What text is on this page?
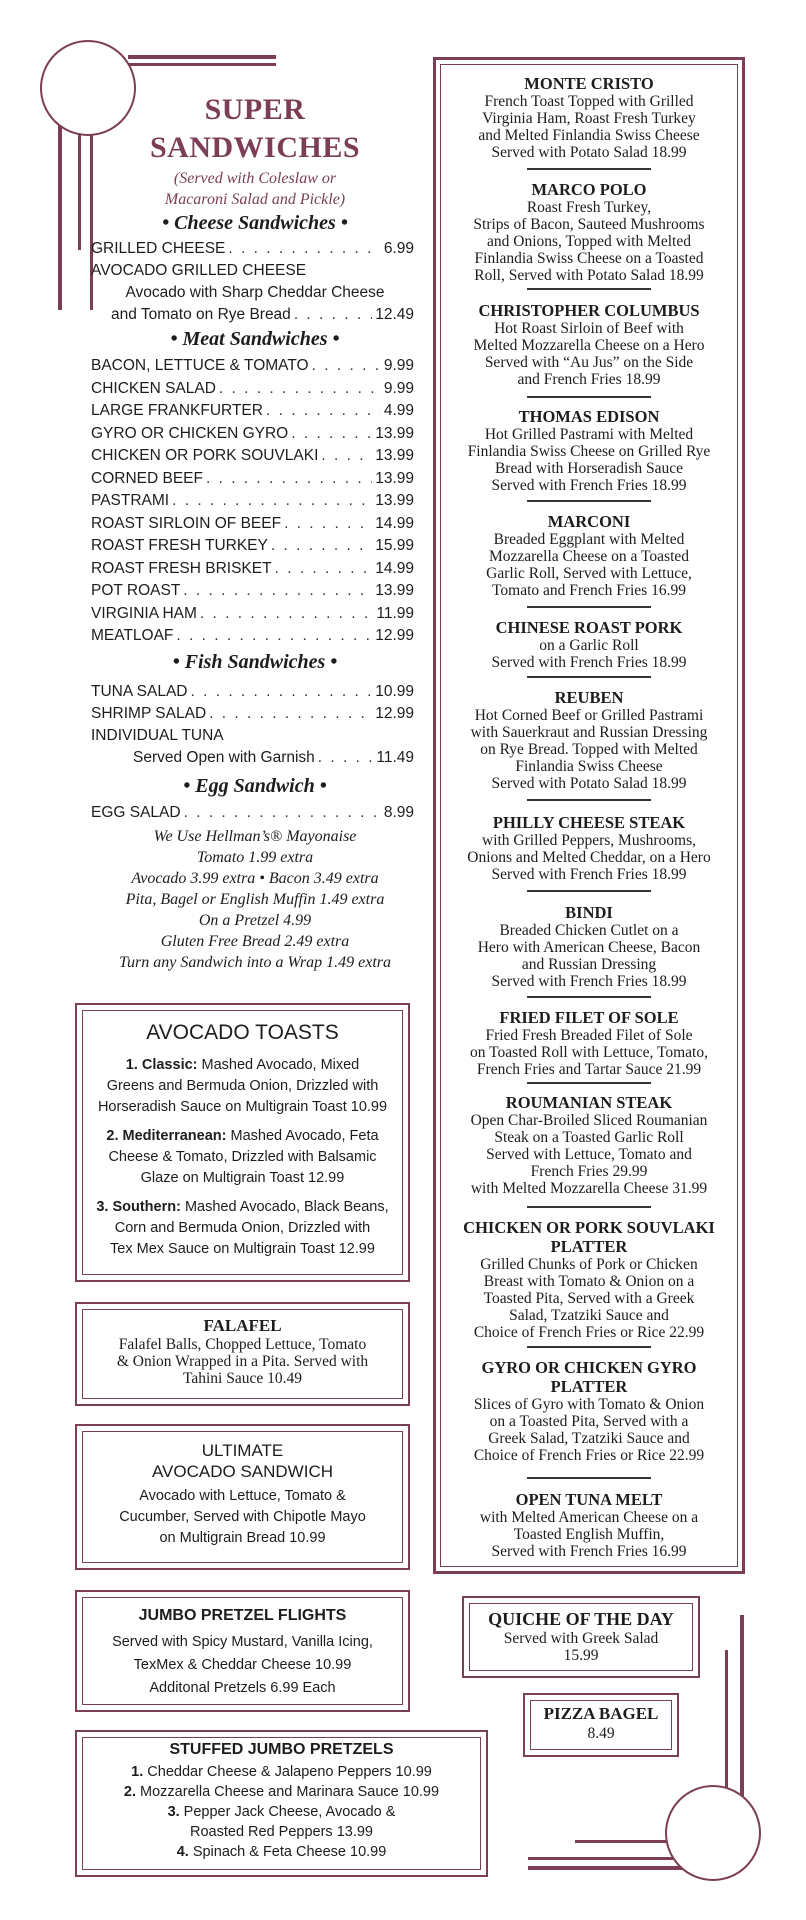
SUPER
SANDWICHES
(Served with Coleslaw or
Macaroni Salad and Pickle)
• Cheese Sandwiches •
GRILLED CHEESE . . .	6.99
AVOCADO GRILLED CHEESE
Avocado with Sharp Cheddar Cheese
and Tomato on Rye Bread . . .	12.49
• Meat Sandwiches •
BACON, LETTUCE & TOMATO . . .	9.99
CHICKEN SALAD . . .	9.99
LARGE FRANKFURTER . . .	4.99
GYRO OR CHICKEN GYRO . . .	13.99
CHICKEN OR PORK SOUVLAKI . . .	13.99
CORNED BEEF . . .	13.99
PASTRAMI . . .	13.99
ROAST SIRLOIN OF BEEF . . .	14.99
ROAST FRESH TURKEY . . .	15.99
ROAST FRESH BRISKET . . .	14.99
POT ROAST . . .	13.99
VIRGINIA HAM . . .	11.99
MEATLOAF . . .	12.99
• Fish Sandwiches •
TUNA SALAD . . .	10.99
SHRIMP SALAD . . .	12.99
INDIVIDUAL TUNA
Served Open with Garnish . . .	11.49
• Egg Sandwich •
EGG SALAD . . .	8.99
We Use Hellman’s® Mayonaise
Tomato 1.99 extra
Avocado 3.99 extra • Bacon 3.49 extra
Pita, Bagel or English Muffin 1.49 extra
On a Pretzel 4.99
Gluten Free Bread 2.49 extra
Turn any Sandwich into a Wrap 1.49 extra
AVOCADO TOASTS
1. Classic: Mashed Avocado, Mixed
Greens and Bermuda Onion, Drizzled with
Horseradish Sauce on Multigrain Toast 10.99
2. Mediterranean: Mashed Avocado, Feta
Cheese & Tomato, Drizzled with Balsamic
Glaze on Multigrain Toast 12.99
3. Southern: Mashed Avocado, Black Beans,
Corn and Bermuda Onion, Drizzled with
Tex Mex Sauce on Multigrain Toast 12.99
FALAFEL
Falafel Balls, Chopped Lettuce, Tomato
& Onion Wrapped in a Pita. Served with
Tahini Sauce 10.49
ULTIMATE
AVOCADO SANDWICH
Avocado with Lettuce, Tomato &
Cucumber, Served with Chipotle Mayo
on Multigrain Bread 10.99
JUMBO PRETZEL FLIGHTS
Served with Spicy Mustard, Vanilla Icing,
TexMex & Cheddar Cheese 10.99
Additonal Pretzels 6.99 Each
STUFFED JUMBO PRETZELS
1. Cheddar Cheese & Jalapeno Peppers 10.99
2. Mozzarella Cheese and Marinara Sauce 10.99
3. Pepper Jack Cheese, Avocado &
Roasted Red Peppers 13.99
4. Spinach & Feta Cheese 10.99
MONTE CRISTO
French Toast Topped with Grilled
Virginia Ham, Roast Fresh Turkey
and Melted Finlandia Swiss Cheese
Served with Potato Salad 18.99
MARCO POLO
Roast Fresh Turkey,
Strips of Bacon, Sauteed Mushrooms
and Onions, Topped with Melted
Finlandia Swiss Cheese on a Toasted
Roll, Served with Potato Salad 18.99
CHRISTOPHER COLUMBUS
Hot Roast Sirloin of Beef with
Melted Mozzarella Cheese on a Hero
Served with “Au Jus” on the Side
and French Fries 18.99
THOMAS EDISON
Hot Grilled Pastrami with Melted
Finlandia Swiss Cheese on Grilled Rye
Bread with Horseradish Sauce
Served with French Fries 18.99
MARCONI
Breaded Eggplant with Melted
Mozzarella Cheese on a Toasted
Garlic Roll, Served with Lettuce,
Tomato and French Fries 16.99
CHINESE ROAST PORK
on a Garlic Roll
Served with French Fries 18.99
REUBEN
Hot Corned Beef or Grilled Pastrami
with Sauerkraut and Russian Dressing
on Rye Bread. Topped with Melted
Finlandia Swiss Cheese
Served with Potato Salad 18.99
PHILLY CHEESE STEAK
with Grilled Peppers, Mushrooms,
Onions and Melted Cheddar, on a Hero
Served with French Fries 18.99
BINDI
Breaded Chicken Cutlet on a
Hero with American Cheese, Bacon
and Russian Dressing
Served with French Fries 18.99
FRIED FILET OF SOLE
Fried Fresh Breaded Filet of Sole
on Toasted Roll with Lettuce, Tomato,
French Fries and Tartar Sauce 21.99
ROUMANIAN STEAK
Open Char-Broiled Sliced Roumanian
Steak on a Toasted Garlic Roll
Served with Lettuce, Tomato and
French Fries 29.99
with Melted Mozzarella Cheese 31.99
CHICKEN OR PORK SOUVLAKI
PLATTER
Grilled Chunks of Pork or Chicken
Breast with Tomato & Onion on a
Toasted Pita, Served with a Greek
Salad, Tzatziki Sauce and
Choice of French Fries or Rice 22.99
GYRO OR CHICKEN GYRO
PLATTER
Slices of Gyro with Tomato & Onion
on a Toasted Pita, Served with a
Greek Salad, Tzatziki Sauce and
Choice of French Fries or Rice 22.99
OPEN TUNA MELT
with Melted American Cheese on a
Toasted English Muffin,
Served with French Fries 16.99
QUICHE OF THE DAY
Served with Greek Salad
15.99
PIZZA BAGEL
8.49
